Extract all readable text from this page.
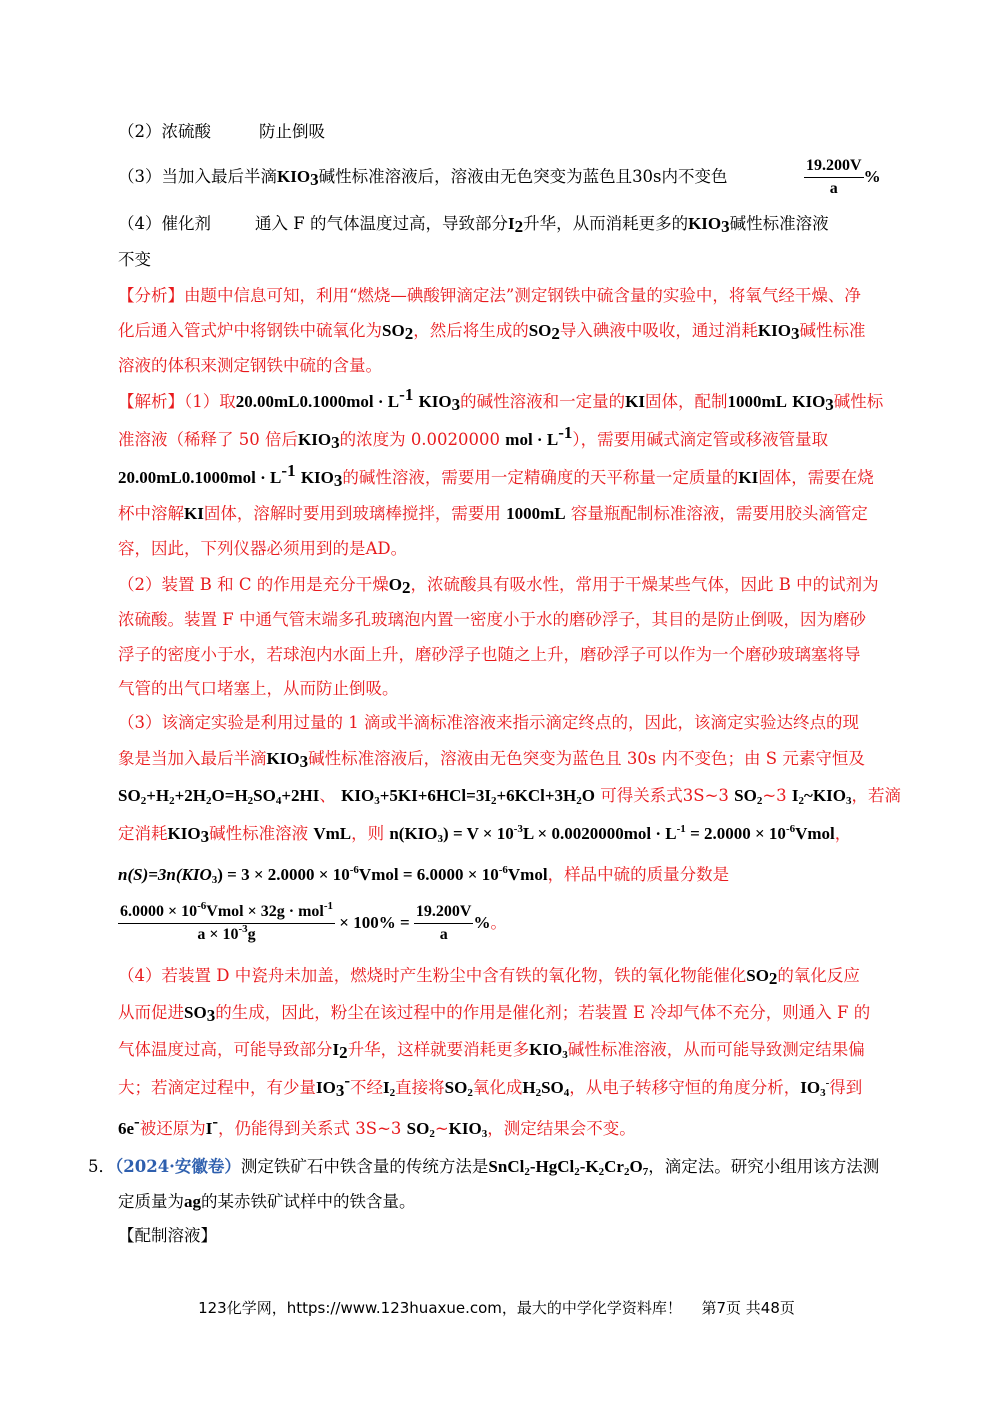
（2）浓硫酸	防止倒吸
（3）当加入最后半滴$KIO_3$碱性标准溶液后，溶液由无色突变为蓝色且30s内不变色	$\frac{19.200V}{a}$ %
（4）催化剂	通入 F 的气体温度过高，导致部分$I_2$升华，从而消耗更多的$KIO_3$碱性标准溶液
不变
【分析】由题中信息可知，利用“燃烧—碘酸钾滴定法”测定钢铁中硫含量的实验中，将氧气经干燥、净
化后通入管式炉中将钢铁中硫氧化为$SO_2$，然后将生成的$SO_2$导入碘液中吸收，通过消耗$KIO_3$碱性标准
溶液的体积来测定钢铁中硫的含量。
【解析】（1）取$20.00mL0.1000mol \cdot L^{-1}$ $KIO_3$的碱性溶液和一定量的KI固体，配制1000mL $KIO_3$碱性标
准溶液（稀释了 50 倍后$KIO_3$的浓度为 0.0020000 mol · $L^{-1}$），需要用碱式滴定管或移液管量取
$20.00mL0.1000mol \cdot L^{-1}$ $KIO_3$的碱性溶液，需要用一定精确度的天平称量一定质量的KI固体，需要在烧
杯中溶解KI固体，溶解时要用到玻璃棒搅拌，需要用 1000mL 容量瓶配制标准溶液，需要用胶头滴管定
容，因此，下列仪器必须用到的是AD。
（2）装置 B 和 C 的作用是充分干燥$O_2$，浓硫酸具有吸水性，常用于干燥某些气体，因此 B 中的试剂为
浓硫酸。装置 F 中通气管末端多孔玻璃泡内置一密度小于水的磨砂浮子，其目的是防止倒吸，因为磨砂
浮子的密度小于水，若球泡内水面上升，磨砂浮子也随之上升，磨砂浮子可以作为一个磨砂玻璃塞将导
气管的出气口堵塞上，从而防止倒吸。
（3）该滴定实验是利用过量的 1 滴或半滴标准溶液来指示滴定终点的，因此，该滴定实验达终点的现
象是当加入最后半滴$KIO_3$碱性标准溶液后，溶液由无色突变为蓝色且 30s 内不变色；由 S 元素守恒及
$SO_2+H_2+2H_2O=H_2SO_4+2HI$、 $KIO_3+5KI+6HCl=3I_2+6KCl+3H_2O$ 可得关系式3S~3 $SO_2\sim 3$ $I_2\sim KIO_3$，若滴
定消耗$KIO_3$碱性标准溶液 VmL，则 $n(KIO_3) = V \times 10^{-3}L \times 0.0020000mol \cdot L^{-1} = 2.0000$ × $10^{-6}Vmol$，
$n(S)=3n(KIO_3) = 3 \times 2.0000$ × $10^{-6}Vmol = 6.0000$ × $10^{-6}Vmol$，样品中硫的质量分数是
$\frac{6.0000 \times 10^{-6}Vmol \times 32g \cdot mol^{-1}}{a \times 10^{-3}g} \times 100\% = \frac{19.200V}{a}$ %。
（4）若装置 D 中瓷舟未加盖，燃烧时产生粉尘中含有铁的氧化物，铁的氧化物能催化$SO_2$的氧化反应
从而促进$SO_3$的生成，因此，粉尘在该过程中的作用是催化剂；若装置 E 冷却气体不充分，则通入 F 的
气体温度过高，可能导致部分$I_2$升华，这样就要消耗更多$KIO_3$碱性标准溶液，从而可能导致测定结果偏
大；若滴定过程中，有少量$IO_3^-$不经$I_2$直接将$SO_2$氧化成$H_2SO_4$，从电子转移守恒的角度分析，$IO_3^-$得到
6e-被还原为I-，仍能得到关系式 3S~3 $SO_2\sim KIO_3$，测定结果会不变。
5．（2024·安徽卷）测定铁矿石中铁含量的传统方法是$SnCl_2-HgCl_2-K_2Cr_2O_7$，滴定法。研究小组用该方法测
定质量为ag的某赤铁矿试样中的铁含量。
【配制溶液】
123化学网，https://www.123huaxue.com，最大的中学化学资料库！ 第7页 共48页
